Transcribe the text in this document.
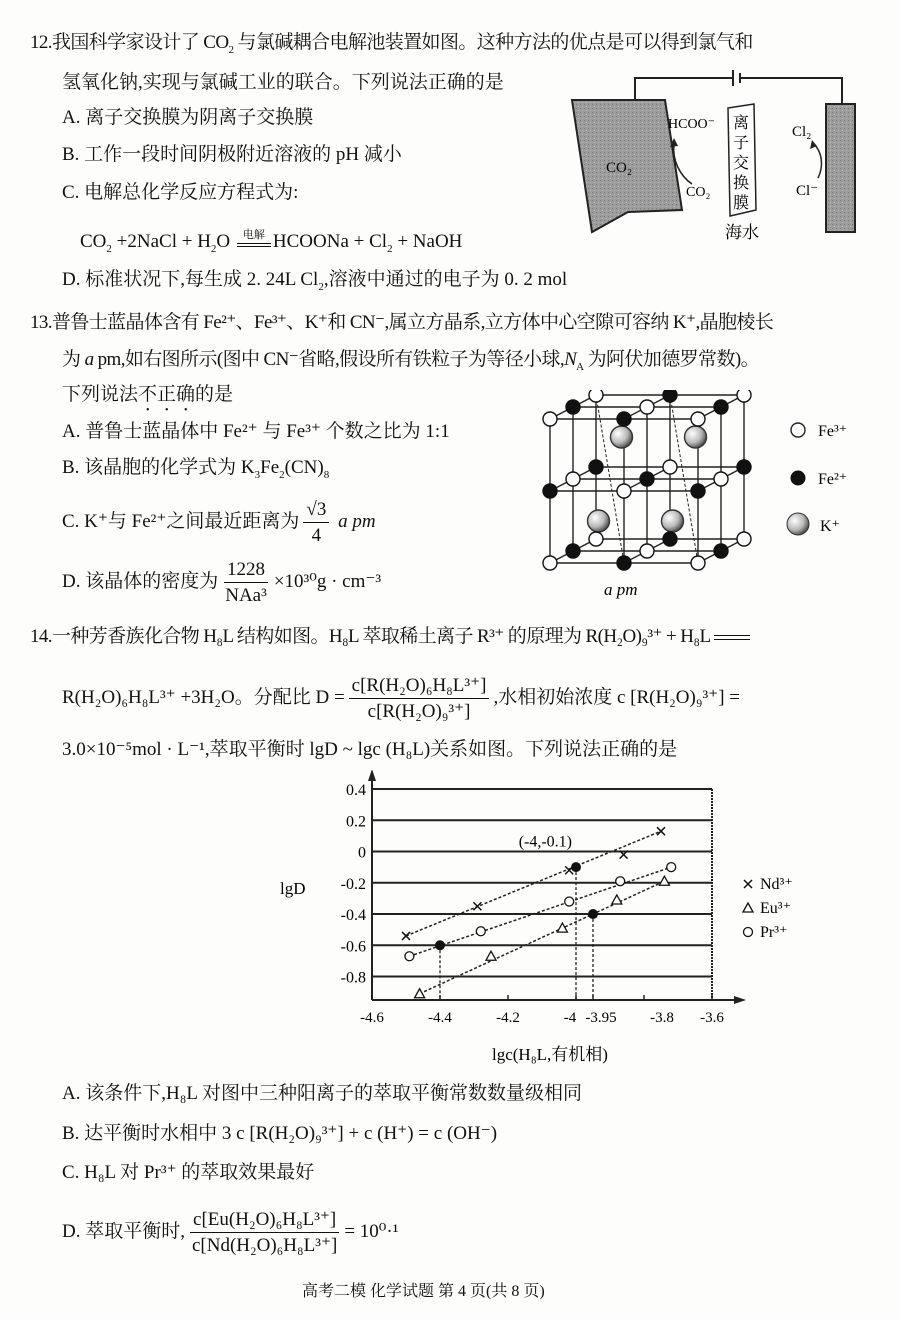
12.我国科学家设计了 $CO_2$ 与氯碱耦合电解池装置如图。这种方法的优点是可以得到氯气和
氢氧化钠,实现与氯碱工业的联合。下列说法正确的是
A. 离子交换膜为阴离子交换膜
B. 工作一段时间阴极附近溶液的 pH 减小
C. 电解总化学反应方程式为:
$CO_2$ +2NaCl + $H_2O$ 电解 HCOONa + $Cl_2$ + NaOH
D. 标准状况下,每生成 2. 24L $Cl_2$,溶液中通过的电子为 0. 2 mol
CO₂
HCOO⁻
CO₂
离
子
交
换
膜
海水
Cl₂
Cl⁻
13.普鲁士蓝晶体含有 Fe²⁺、Fe³⁺、K⁺和 CN⁻,属立方晶系,立方体中心空隙可容纳 K⁺,晶胞棱长
为 a pm,如右图所示(图中 CN⁻省略,假设所有铁粒子为等径小球$,N_A$ 为阿伏加德罗常数)。
下列说法不正确的是
A. 普鲁士蓝晶体中 Fe²⁺ 与 Fe³⁺ 个数之比为 1:1
B. 该晶胞的化学式为 $K_3Fe_2(CN)_8$
C. K⁺与 Fe²⁺之间最近距离为 $\frac{√3}{4}$ a pm
D. 该晶体的密度为 $\frac{1228}{\text{NAa³}} \times 10^{30}g \cdot cm^{-3}$
Fe³⁺
Fe²⁺
K⁺
a pm
14.一种芳香族化合物 H₈L 结构如图。H₈L 萃取稀土离子 R³⁺ 的原理为 R(H₂O)₉³⁺ + H₈L
R(H₂O)₆H₈L³⁺ +3H₂O。分配比 $D = \frac{\text{c[R(H₂O)₆H₈L³⁺]}}{\text{c[R(H₂O)₉³⁺]}}$ ,水相初始浓度 c [R(H₂O)₉³⁺] =
3.0×10⁻⁵mol · L⁻¹,萃取平衡时 lgD ~ lgc (H₈L)关系如图。下列说法正确的是
0.4
0.2
0
-0.2
-0.4
-0.6
-0.8
-4.6	-4.4	-4.2	-4 -3.95 -3.8 -3.6
(-4,-0.1)
lgD
lgc(H₈L,有机相)
Nd³⁺
Eu³⁺
Pr³⁺
A. 该条件下,H₈L 对图中三种阳离子的萃取平衡常数数量级相同
B. 达平衡时水相中 3 c [R(H₂O)₉³⁺] + c (H⁺) = c (OH⁻)
C. H₈L 对 Pr³⁺ 的萃取效果最好
D. 萃取平衡时, $\frac{\text{c[Eu(H₂O)₆H₈L³⁺]}}{\text{c[Nd(H₂O)₆H₈L³⁺]}} = 10^0\cdot^1$
高考二模 化学试题 第 4 页(共 8 页)
